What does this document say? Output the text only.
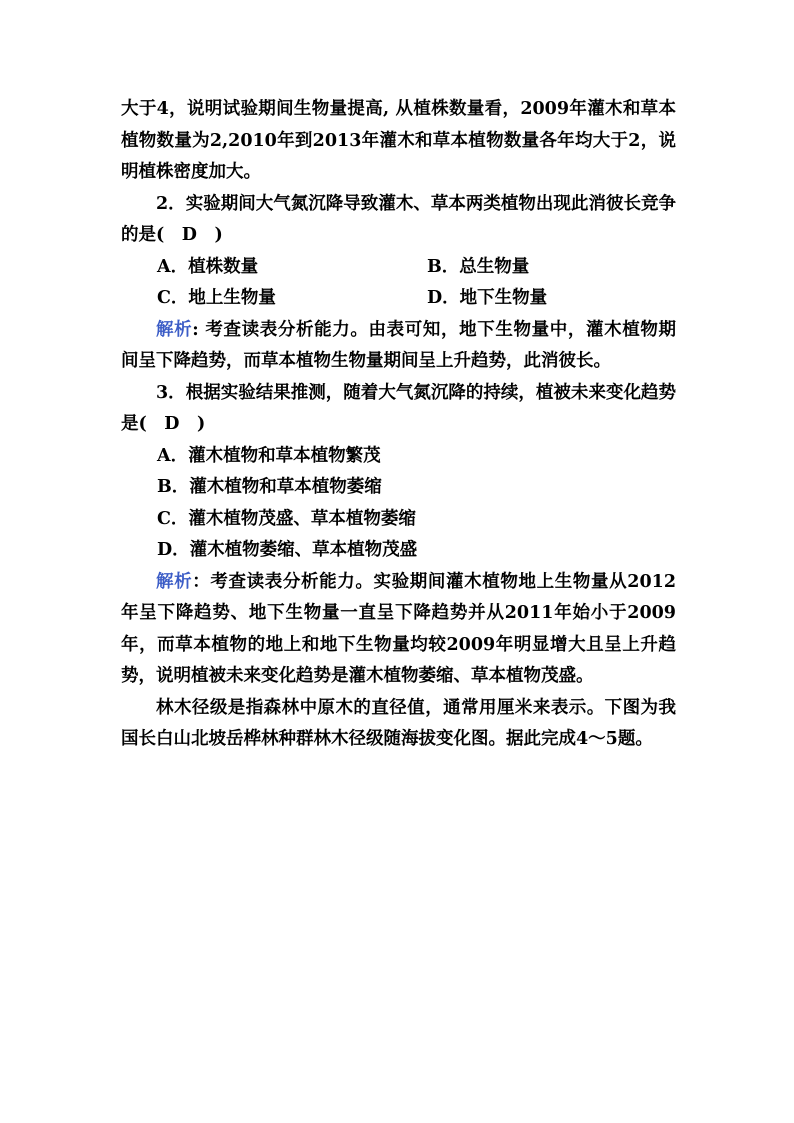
大于4，说明试验期间生物量提高, 从植株数量看，2009年灌木和草本植物数量为2,2010年到2013年灌木和草本植物数量各年均大于2，说明植株密度加大。

2．实验期间大气氮沉降导致灌木、草本两类植物出现此消彼长竞争的是(　D　)

A．植株数量	B．总生物量
C．地上生物量	D．地下生物量

解析: 考查读表分析能力。由表可知，地下生物量中，灌木植物期间呈下降趋势，而草本植物生物量期间呈上升趋势，此消彼长。

3．根据实验结果推测，随着大气氮沉降的持续，植被未来变化趋势是(　D　)

A．灌木植物和草本植物繁茂

B．灌木植物和草本植物萎缩

C．灌木植物茂盛、草本植物萎缩

D．灌木植物萎缩、草本植物茂盛

解析：考查读表分析能力。实验期间灌木植物地上生物量从2012年呈下降趋势、地下生物量一直呈下降趋势并从2011年始小于2009年，而草本植物的地上和地下生物量均较2009年明显增大且呈上升趋势，说明植被未来变化趋势是灌木植物萎缩、草本植物茂盛。

林木径级是指森林中原木的直径值，通常用厘米来表示。下图为我国长白山北坡岳桦林种群林木径级随海拔变化图。据此完成4～5题。
